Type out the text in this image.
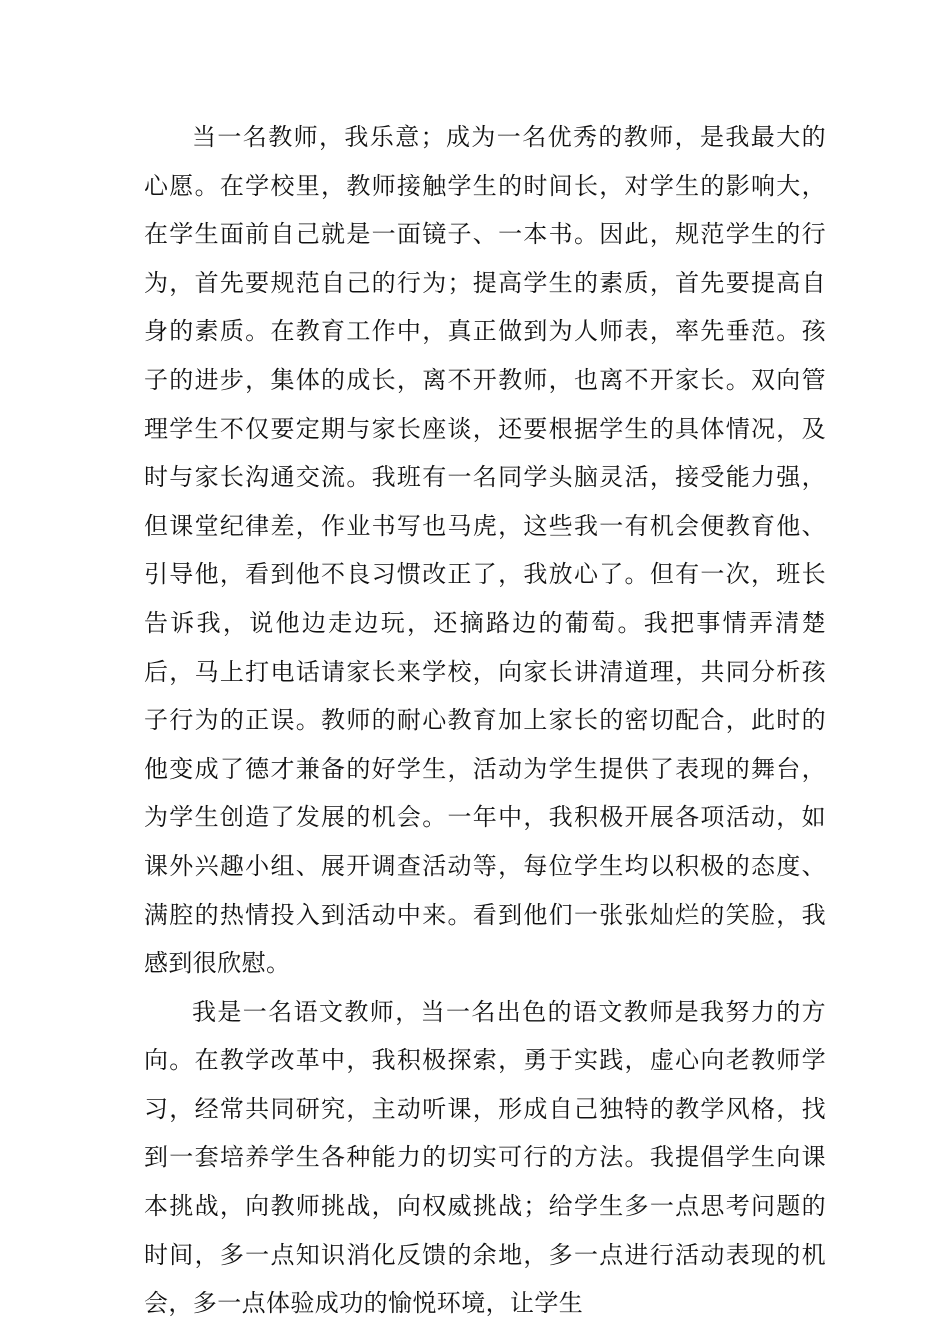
当一名教师，我乐意；成为一名优秀的教师，是我最大的心愿。在学校里，教师接触学生的时间长，对学生的影响大，在学生面前自己就是一面镜子、一本书。因此，规范学生的行为，首先要规范自己的行为；提高学生的素质，首先要提高自身的素质。在教育工作中，真正做到为人师表，率先垂范。孩子的进步，集体的成长，离不开教师，也离不开家长。双向管理学生不仅要定期与家长座谈，还要根据学生的具体情况，及时与家长沟通交流。我班有一名同学头脑灵活，接受能力强，但课堂纪律差，作业书写也马虎，这些我一有机会便教育他、引导他，看到他不良习惯改正了，我放心了。但有一次，班长告诉我，说他边走边玩，还摘路边的葡萄。我把事情弄清楚后，马上打电话请家长来学校，向家长讲清道理，共同分析孩子行为的正误。教师的耐心教育加上家长的密切配合，此时的他变成了德才兼备的好学生，活动为学生提供了表现的舞台，为学生创造了发展的机会。一年中，我积极开展各项活动，如课外兴趣小组、展开调查活动等，每位学生均以积极的态度、满腔的热情投入到活动中来。看到他们一张张灿烂的笑脸，我感到很欣慰。

我是一名语文教师，当一名出色的语文教师是我努力的方向。在教学改革中，我积极探索，勇于实践，虚心向老教师学习，经常共同研究，主动听课，形成自己独特的教学风格，找到一套培养学生各种能力的切实可行的方法。我提倡学生向课本挑战，向教师挑战，向权威挑战；给学生多一点思考问题的时间，多一点知识消化反馈的余地，多一点进行活动表现的机会，多一点体验成功的愉悦环境，让学生
